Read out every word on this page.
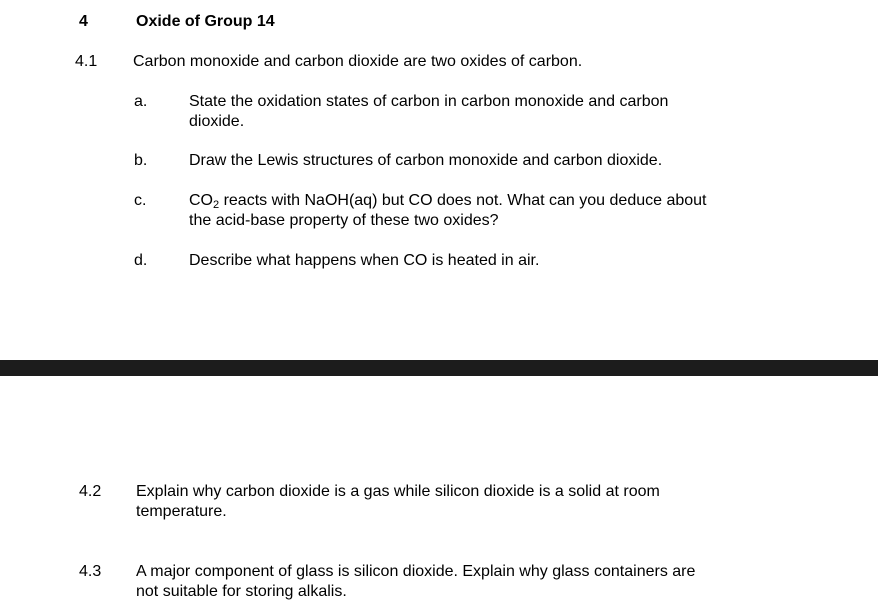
4	Oxide of Group 14
4.1 Carbon monoxide and carbon dioxide are two oxides of carbon.
a.	State the oxidation states of carbon in carbon monoxide and carbon
dioxide.
b.	Draw the Lewis structures of carbon monoxide and carbon dioxide.
c.	$CO_2$ reacts with NaOH(aq) but CO does not. What can you deduce about
the acid-base property of these two oxides?
d.	Describe what happens when CO is heated in air.
4.2 Explain why carbon dioxide is a gas while silicon dioxide is a solid at room
temperature.
4.3 A major component of glass is silicon dioxide. Explain why glass containers are
not suitable for storing alkalis.
